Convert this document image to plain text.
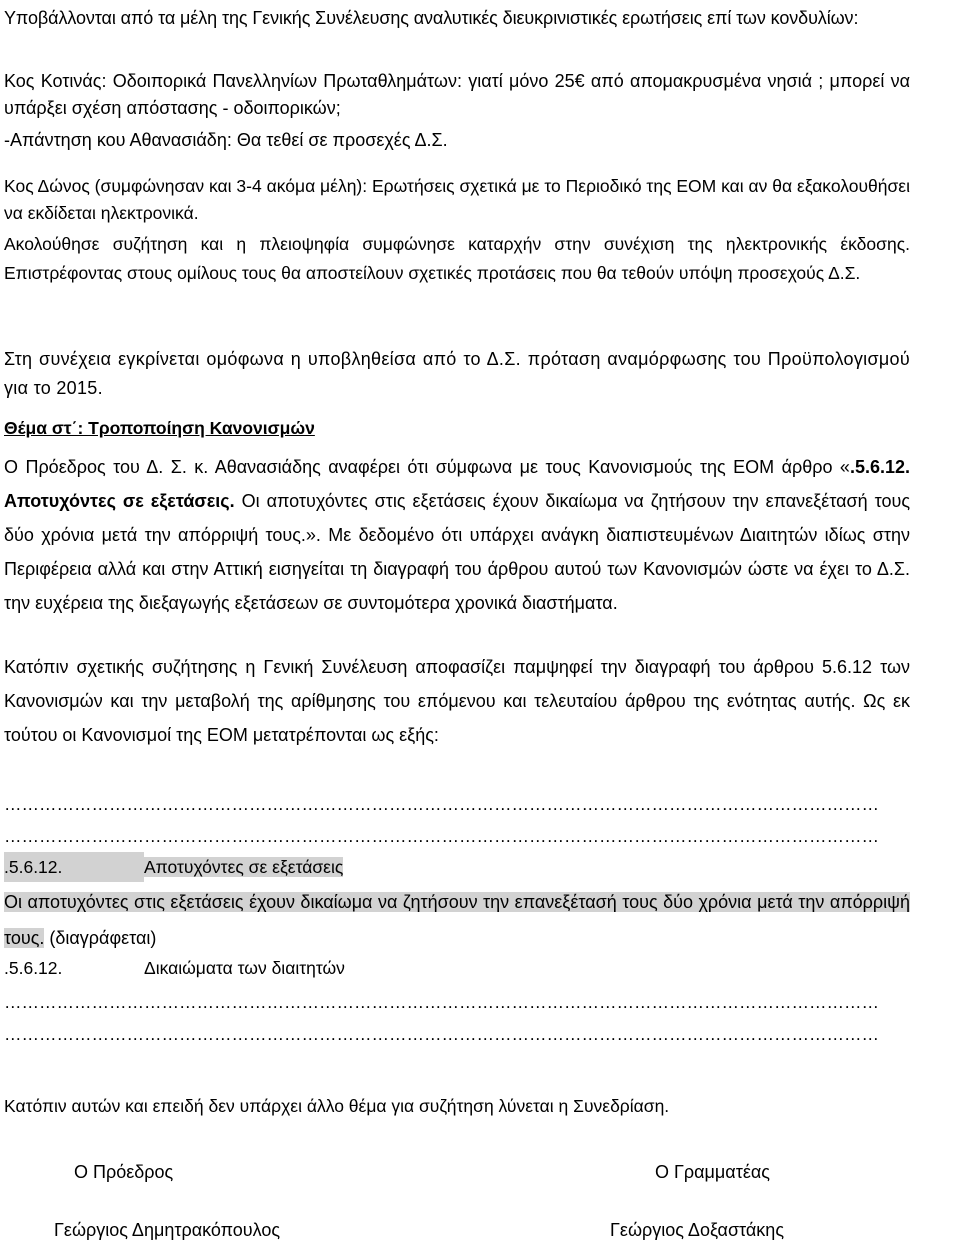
Υποβάλλονται από τα μέλη της Γενικής Συνέλευσης αναλυτικές διευκρινιστικές ερωτήσεις επί των κονδυλίων:

Κος Κοτινάς: Οδοιπορικά Πανελληνίων Πρωταθλημάτων: γιατί μόνο 25€ από απομακρυσμένα νησιά ; μπορεί να υπάρξει σχέση απόστασης - οδοιπορικών;

-Απάντηση κου Αθανασιάδη: Θα τεθεί σε προσεχές Δ.Σ.

Κος Δώνος (συμφώνησαν και 3-4 ακόμα μέλη): Ερωτήσεις σχετικά με το Περιοδικό της ΕΟΜ και αν θα εξακολουθήσει να εκδίδεται ηλεκτρονικά.

Ακολούθησε συζήτηση και η πλειοψηφία συμφώνησε καταρχήν στην συνέχιση της ηλεκτρονικής έκδοσης. Επιστρέφοντας στους ομίλους τους θα αποστείλουν σχετικές προτάσεις που θα τεθούν υπόψη προσεχούς Δ.Σ.

Στη συνέχεια εγκρίνεται ομόφωνα η υποβληθείσα από το Δ.Σ. πρόταση αναμόρφωσης του Προϋπολογισμού για το 2015.

Θέμα στ΄: Τροποποίηση Κανονισμών

Ο Πρόεδρος του Δ. Σ. κ. Αθανασιάδης αναφέρει ότι σύμφωνα με τους Κανονισμούς της ΕΟΜ άρθρο «.5.6.12. Αποτυχόντες σε εξετάσεις. Οι αποτυχόντες στις εξετάσεις έχουν δικαίωμα να ζητήσουν την επανεξέτασή τους δύο χρόνια μετά την απόρριψή τους.». Με δεδομένο ότι υπάρχει ανάγκη διαπιστευμένων Διαιτητών ιδίως στην Περιφέρεια αλλά και στην Αττική εισηγείται τη διαγραφή του άρθρου αυτού των Κανονισμών ώστε να έχει το Δ.Σ. την ευχέρεια της διεξαγωγής εξετάσεων σε συντομότερα χρονικά διαστήματα.

Κατόπιν σχετικής συζήτησης η Γενική Συνέλευση αποφασίζει παμψηφεί την διαγραφή του άρθρου 5.6.12 των Κανονισμών και την μεταβολή της αρίθμησης του επόμενου και τελευταίου άρθρου της ενότητας αυτής. Ως εκ τούτου οι Κανονισμοί της ΕΟΜ μετατρέπονται ως εξής:

……………………………………………………………………………………………………………………………………
……………………………………………………………………………………………………………………………………
.5.6.12.	Αποτυχόντες σε εξετάσεις

Οι αποτυχόντες στις εξετάσεις έχουν δικαίωμα να ζητήσουν την επανεξέτασή τους δύο χρόνια μετά την απόρριψή τους. (διαγράφεται)

.5.6.12.	Δικαιώματα των διαιτητών
……………………………………………………………………………………………………………………………………
……………………………………………………………………………………………………………………………………

Κατόπιν αυτών και επειδή δεν υπάρχει άλλο θέμα για συζήτηση λύνεται η Συνεδρίαση.

Ο Πρόεδρος	Ο Γραμματέας
Γεώργιος Δημητρακόπουλος	Γεώργιος Δοξαστάκης
